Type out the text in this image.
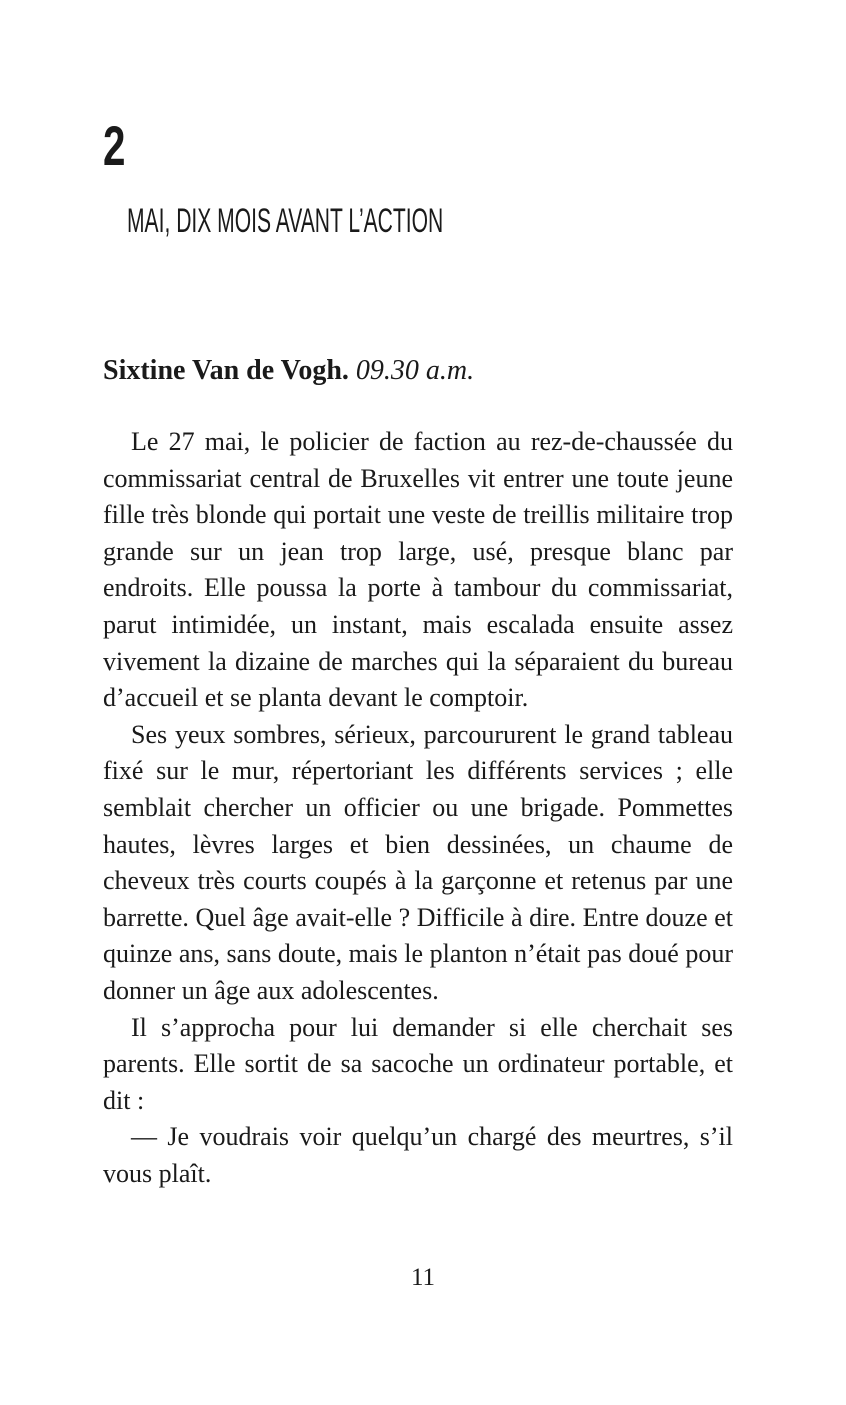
2
MAI, DIX MOIS AVANT L’ACTION
Sixtine Van de Vogh. 09.30 a.m.

Le 27 mai, le policier de faction au rez-de-chaussée du commissariat central de Bruxelles vit entrer une toute jeune fille très blonde qui portait une veste de treillis militaire trop grande sur un jean trop large, usé, presque blanc par endroits. Elle poussa la porte à tambour du commissariat, parut intimidée, un instant, mais escalada ensuite assez vivement la dizaine de marches qui la séparaient du bureau d’accueil et se planta devant le comptoir.

Ses yeux sombres, sérieux, parcoururent le grand tableau fixé sur le mur, répertoriant les différents services ; elle semblait chercher un officier ou une brigade. Pommettes hautes, lèvres larges et bien dessinées, un chaume de cheveux très courts coupés à la garçonne et retenus par une barrette. Quel âge avait-elle ? Difficile à dire. Entre douze et quinze ans, sans doute, mais le planton n’était pas doué pour donner un âge aux adolescentes.

Il s’approcha pour lui demander si elle cherchait ses parents. Elle sortit de sa sacoche un ordinateur portable, et dit :

— Je voudrais voir quelqu’un chargé des meurtres, s’il vous plaît.

11
